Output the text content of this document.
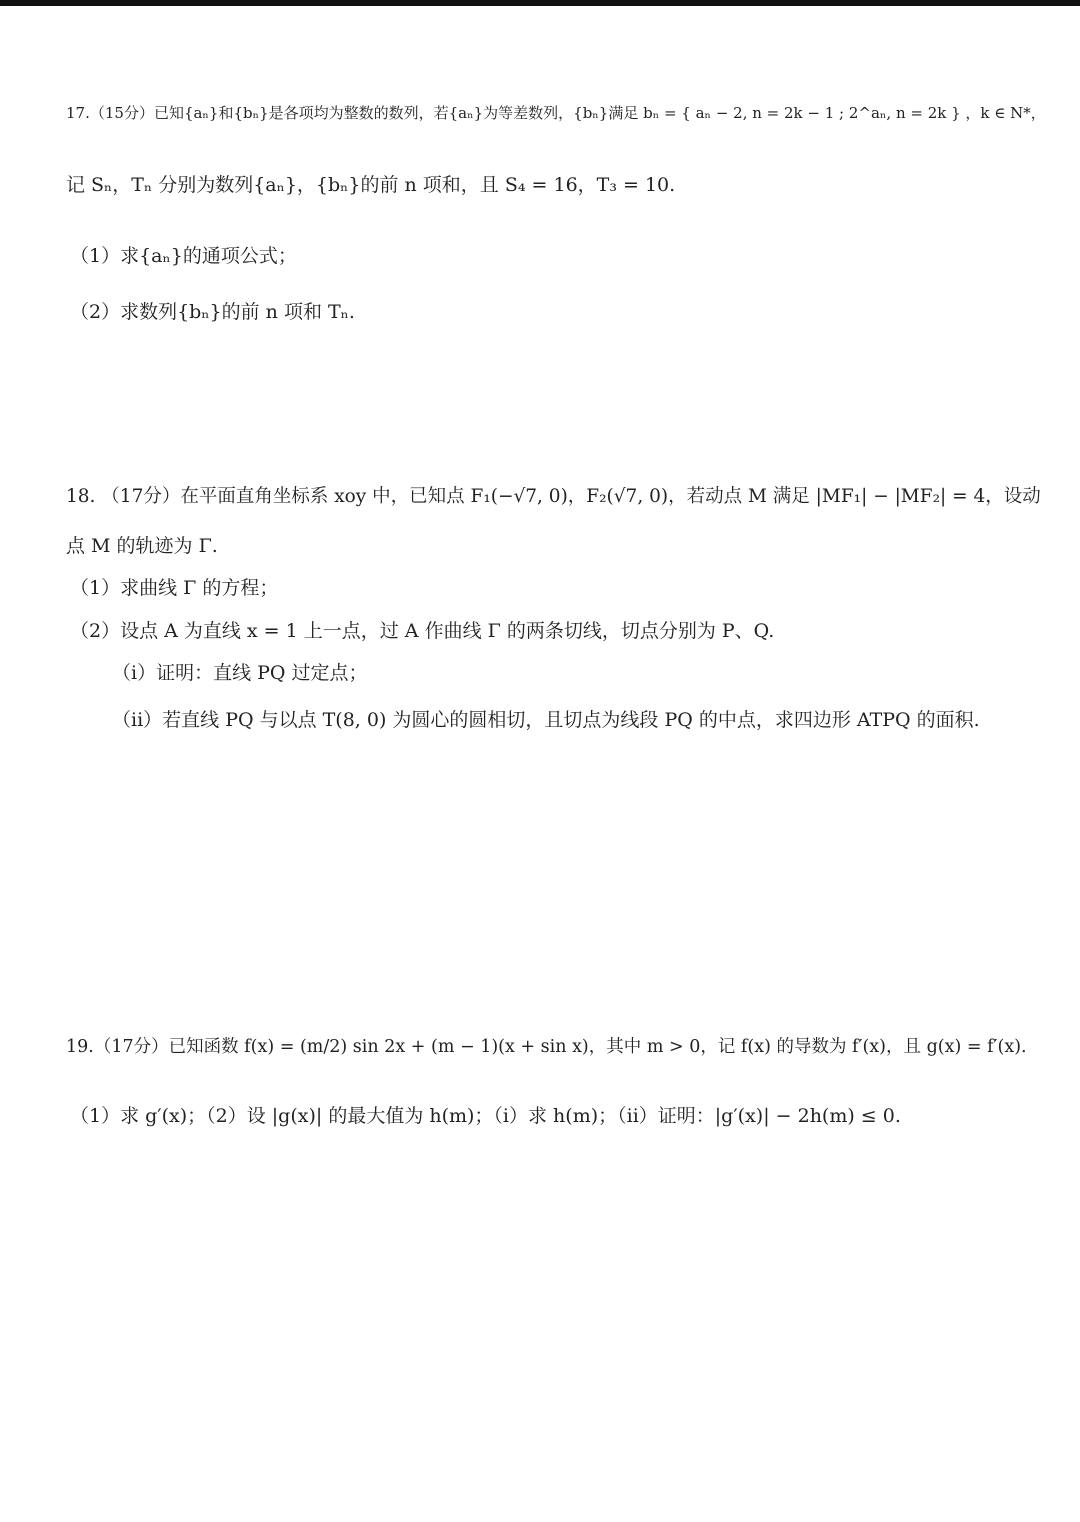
17.（15分）已知{aₙ}和{bₙ}是各项均为整数的数列，若{aₙ}为等差数列，{bₙ}满足 bₙ = { aₙ − 2, n = 2k − 1 ; 2^aₙ, n = 2k } ，k ∈ N*，
记 Sₙ，Tₙ 分别为数列{aₙ}，{bₙ}的前 n 项和，且 S₄ = 16，T₃ = 10.
（1）求{aₙ}的通项公式；
（2）求数列{bₙ}的前 n 项和 Tₙ.
18. （17分）在平面直角坐标系 xoy 中，已知点 F₁(−√7, 0)，F₂(√7, 0)，若动点 M 满足 |MF₁| − |MF₂| = 4，设动
点 M 的轨迹为 Γ.
（1）求曲线 Γ 的方程；
（2）设点 A 为直线 x = 1 上一点，过 A 作曲线 Γ 的两条切线，切点分别为 P、Q.
（i）证明：直线 PQ 过定点；
（ii）若直线 PQ 与以点 T(8, 0) 为圆心的圆相切，且切点为线段 PQ 的中点，求四边形 ATPQ 的面积.
19.（17分）已知函数 f(x) = (m/2) sin 2x + (m − 1)(x + sin x)，其中 m > 0，记 f(x) 的导数为 f′(x)，且 g(x) = f′(x).
（1）求 g′(x)；（2）设 |g(x)| 的最大值为 h(m)；（i）求 h(m)；（ii）证明：|g′(x)| − 2h(m) ≤ 0.
